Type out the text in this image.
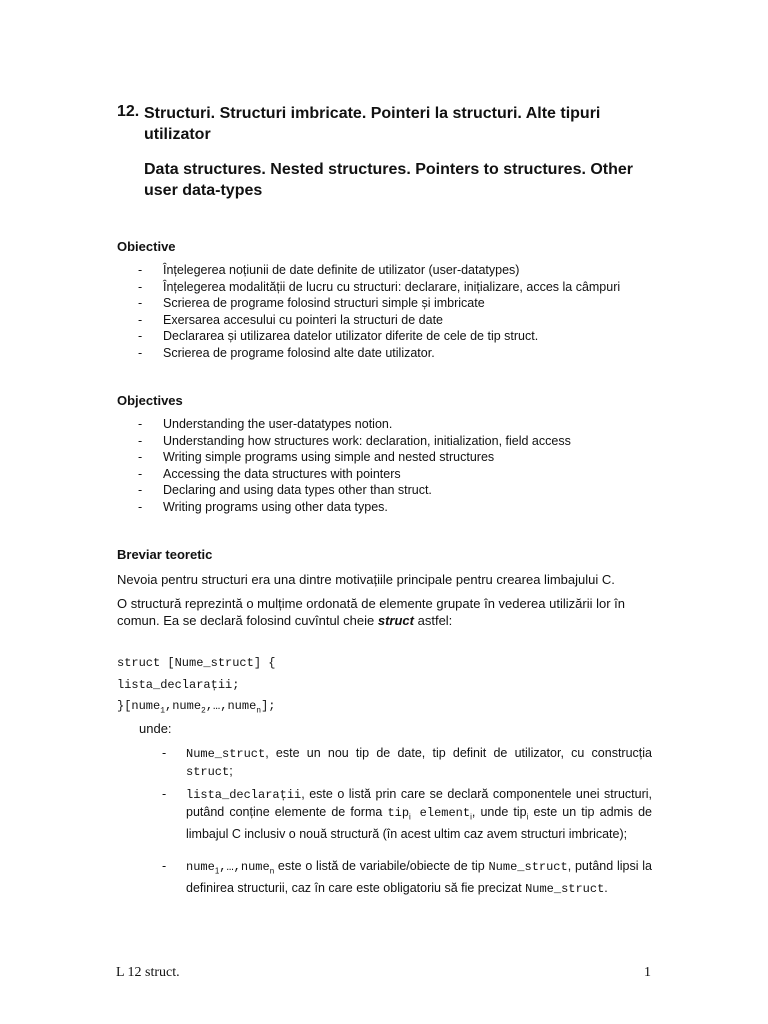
12. Structuri. Structuri imbricate. Pointeri la structuri. Alte tipuri
utilizator
Data structures. Nested structures. Pointers to structures. Other
user data-types
Obiective
- Înțelegerea noțiunii de date definite de utilizator (user-datatypes)
- Înțelegerea modalității de lucru cu structuri: declarare, inițializare, acces la câmpuri
- Scrierea de programe folosind structuri simple și imbricate
- Exersarea accesului cu pointeri la structuri de date
- Declararea și utilizarea datelor utilizator diferite de cele de tip struct.
- Scrierea de programe folosind alte date utilizator.
Objectives
- Understanding the user-datatypes notion.
- Understanding how structures work: declaration, initialization, field access
- Writing simple programs using simple and nested structures
- Accessing the data structures with pointers
- Declaring and using data types other than struct.
- Writing programs using other data types.
Breviar teoretic
Nevoia pentru structuri era una dintre motivațiile principale pentru crearea limbajului C.
O structură reprezintă o mulțime ordonată de elemente grupate în vederea utilizării lor în
comun. Ea se declară folosind cuvîntul cheie struct astfel:
struct [Nume_struct] {
lista_declarații;
}[nume$_1$,nume$_2$,…,nume$_n$];
unde:
- Nume_struct, este un nou tip de date, tip definit de utilizator, cu construcția struct;
- lista_declarații, este o listă prin care se declară componentele unei structuri, putând conține elemente de forma tip$_i$ element$_i$, unde tip$_i$ este un tip admis de limbajul C inclusiv o nouă structură (în acest ultim caz avem structuri imbricate);
- nume$_1$,…,nume$_n$ este o listă de variabile/obiecte de tip Nume_struct, putând lipsi la definirea structurii, caz în care este obligatoriu să fie precizat Nume_struct.
L 12 struct.	1
